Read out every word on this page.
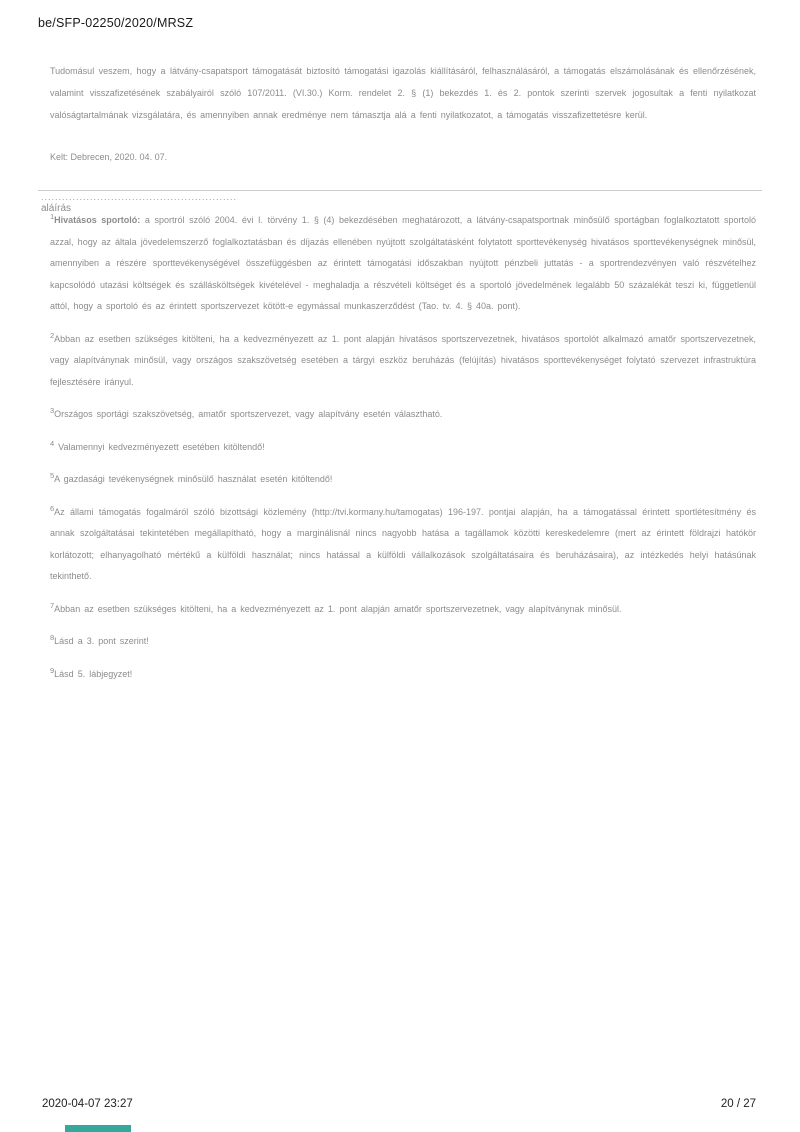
be/SFP-02250/2020/MRSZ
Tudomásul veszem, hogy a látvány-csapatsport támogatását biztosító támogatási igazolás kiállításáról, felhasználásáról, a támogatás elszámolásának és ellenőrzésének, valamint visszafizetésének szabályairól szóló 107/2011. (VI.30.) Korm. rendelet 2. § (1) bekezdés 1. és 2. pontok szerinti szervek jogosultak a fenti nyilatkozat valóságtartalmának vizsgálatára, és amennyiben annak eredménye nem támasztja alá a fenti nyilatkozatot, a támogatás visszafizettetésre kerül.
Kelt: Debrecen, 2020. 04. 07.
........................................................
aláírás

$^1$Hivatásos sportoló: a sportról szóló 2004. évi I. törvény 1. § (4) bekezdésében meghatározott, a látvány-csapatsportnak minősülő sportágban foglalkoztatott sportoló azzal, hogy az általa jövedelemszerző foglalkoztatásban és díjazás ellenében nyújtott szolgáltatásként folytatott sporttevékenység hivatásos sporttevékenységnek minősül, amennyiben a részére sporttevékenységével összefüggésben az érintett támogatási időszakban nyújtott pénzbeli juttatás - a sportrendezvényen való részvételhez kapcsolódó utazási költségek és szállásköltségek kivételével - meghaladja a részvételi költséget és a sportoló jövedelmének legalább 50 százalékát teszi ki, függetlenül attól, hogy a sportoló és az érintett sportszervezet kötött-e egymással munkaszerződést (Tao. tv. 4. § 40a. pont).

$^2$Abban az esetben szükséges kitölteni, ha a kedvezményezett az 1. pont alapján hivatásos sportszervezetnek, hivatásos sportolót alkalmazó amatőr sportszervezetnek, vagy alapítványnak minősül, vagy országos szakszövetség esetében a tárgyi eszköz beruházás (felújítás) hivatásos sporttevékenységet folytató szervezet infrastruktúra fejlesztésére irányul.

$^3$Országos sportági szakszövetség, amatőr sportszervezet, vagy alapítvány esetén választható.

$^4$ Valamennyi kedvezményezett esetében kitöltendő!

$^5$A gazdasági tevékenységnek minősülő használat esetén kitöltendő!

$^6$Az állami támogatás fogalmáról szóló bizottsági közlemény (http://tvi.kormany.hu/tamogatas) 196-197. pontjai alapján, ha a támogatással érintett sportlétesítmény és annak szolgáltatásai tekintetében megállapítható, hogy a marginálisnál nincs nagyobb hatása a tagállamok közötti kereskedelemre (mert az érintett földrajzi hatókör korlátozott; elhanyagolható mértékű a külföldi használat; nincs hatással a külföldi vállalkozások szolgáltatásaira és beruházásaira), az intézkedés helyi hatásúnak tekinthető.

$^7$Abban az esetben szükséges kitölteni, ha a kedvezményezett az 1. pont alapján amatőr sportszervezetnek, vagy alapítványnak minősül.

$^8$Lásd a 3. pont szerint!

$^9$Lásd 5. lábjegyzet!

2020-04-07 23:27	20 / 27
